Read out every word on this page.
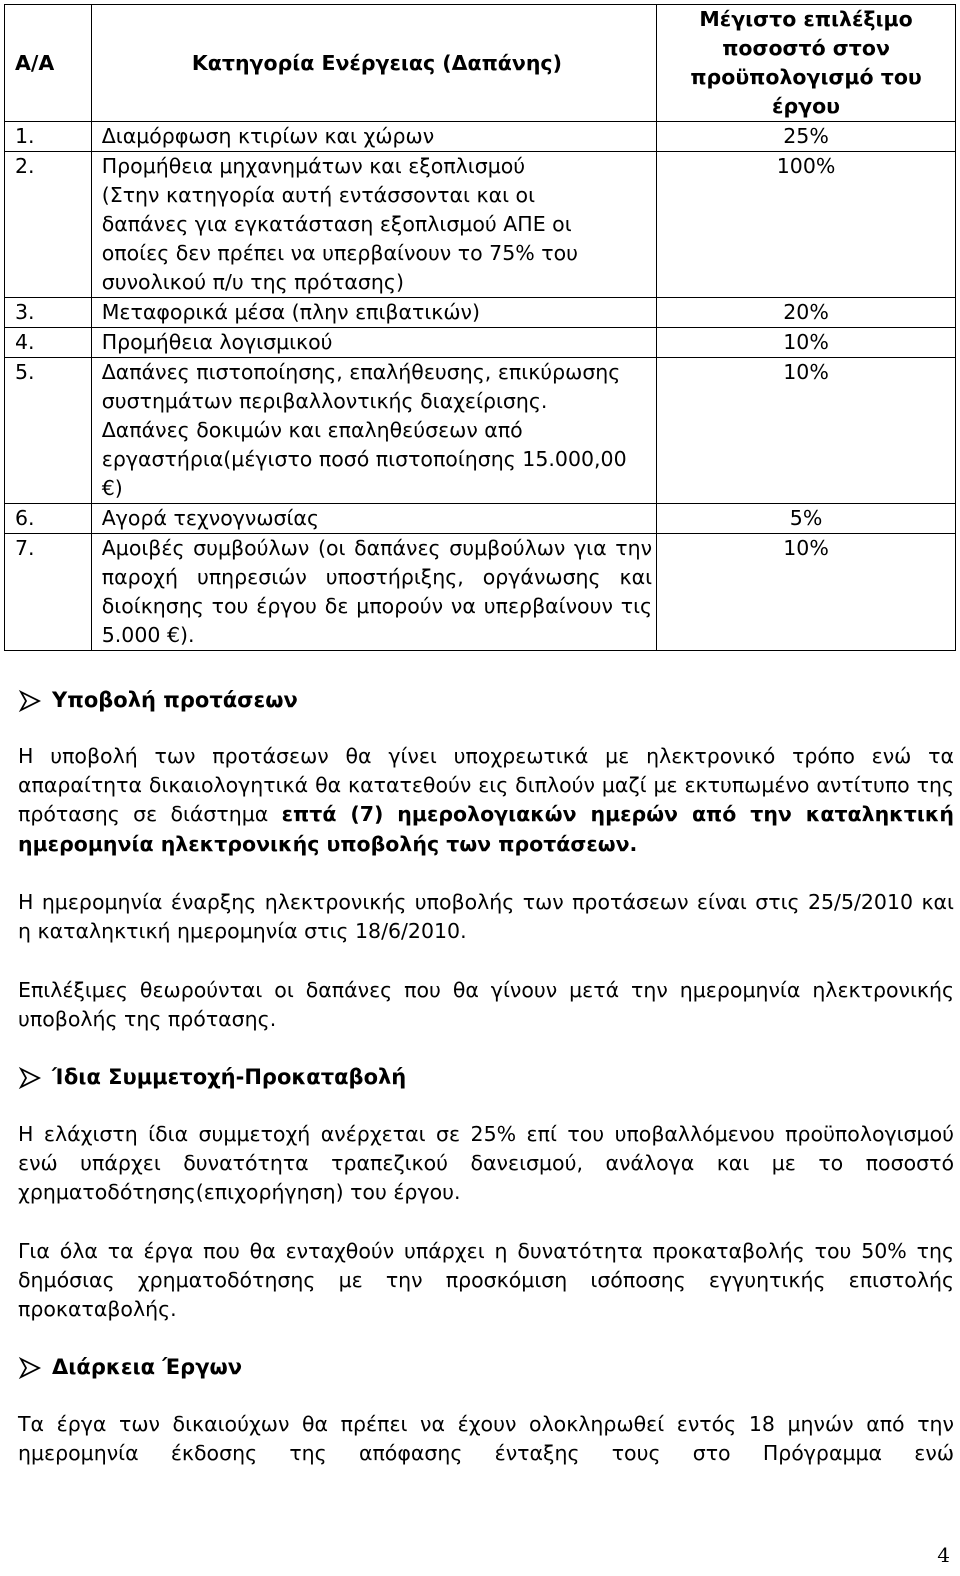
Α/Α	Κατηγορία Ενέργειας (Δαπάνης)	Μέγιστο επιλέξιμο ποσοστό στον προϋπολογισμό του έργου
1.	Διαμόρφωση κτιρίων και χώρων	25%
2.	Προμήθεια μηχανημάτων και εξοπλισμού (Στην κατηγορία αυτή εντάσσονται και οι δαπάνες για εγκατάσταση εξοπλισμού ΑΠΕ οι οποίες δεν πρέπει να υπερβαίνουν το 75% του συνολικού π/υ της πρότασης)	100%
3.	Μεταφορικά μέσα (πλην επιβατικών)	20%
4.	Προμήθεια λογισμικού	10%
5.	Δαπάνες πιστοποίησης, επαλήθευσης, επικύρωσης συστημάτων περιβαλλοντικής διαχείρισης. Δαπάνες δοκιμών και επαληθεύσεων από εργαστήρια(μέγιστο ποσό πιστοποίησης 15.000,00 €)	10%
6.	Αγορά τεχνογνωσίας	5%
7.	Αμοιβές συμβούλων (οι δαπάνες συμβούλων για την παροχή υπηρεσιών υποστήριξης, οργάνωσης και διοίκησης του έργου δε μπορούν να υπερβαίνουν τις 5.000 €).	10%
Υποβολή προτάσεων

Η υποβολή των προτάσεων θα γίνει υποχρεωτικά με ηλεκτρονικό τρόπο ενώ τα απαραίτητα δικαιολογητικά θα κατατεθούν εις διπλούν μαζί με εκτυπωμένο αντίτυπο της πρότασης σε διάστημα επτά (7) ημερολογιακών ημερών από την καταληκτική ημερομηνία ηλεκτρονικής υποβολής των προτάσεων.

Η ημερομηνία έναρξης ηλεκτρονικής υποβολής των προτάσεων είναι στις 25/5/2010 και η καταληκτική ημερομηνία στις 18/6/2010.

Επιλέξιμες θεωρούνται οι δαπάνες που θα γίνουν μετά την ημερομηνία ηλεκτρονικής υποβολής της πρότασης.

Ίδια Συμμετοχή-Προκαταβολή

Η ελάχιστη ίδια συμμετοχή ανέρχεται σε 25% επί του υποβαλλόμενου προϋπολογισμού ενώ υπάρχει δυνατότητα τραπεζικού δανεισμού, ανάλογα και με το ποσοστό χρηματοδότησης(επιχορήγηση) του έργου.

Για όλα τα έργα που θα ενταχθούν υπάρχει η δυνατότητα προκαταβολής του 50% της δημόσιας χρηματοδότησης με την προσκόμιση ισόποσης εγγυητικής επιστολής προκαταβολής.

Διάρκεια Έργων

Τα έργα των δικαιούχων θα πρέπει να έχουν ολοκληρωθεί εντός 18 μηνών από την ημερομηνία έκδοσης της απόφασης ένταξης τους στο Πρόγραμμα ενώ

4
